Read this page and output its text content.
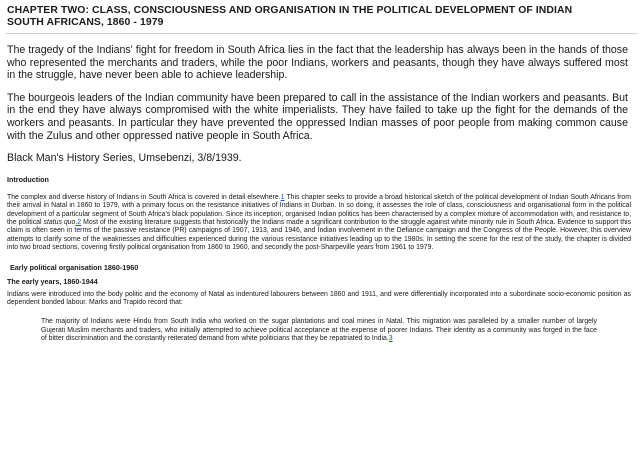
CHAPTER TWO: CLASS, CONSCIOUSNESS AND ORGANISATION IN THE POLITICAL DEVELOPMENT OF INDIAN SOUTH AFRICANS, 1860 - 1979

The tragedy of the Indians' fight for freedom in South Africa lies in the fact that the leadership has always been in the hands of those who represented the merchants and traders, while the poor Indians, workers and peasants, though they have always suffered most in the struggle, have never been able to achieve leadership.

The bourgeois leaders of the Indian community have been prepared to call in the assistance of the Indian workers and peasants. But in the end they have always compromised with the white imperialists. They have failed to take up the fight for the demands of the workers and peasants. In particular they have prevented the oppressed Indian masses of poor people from making common cause with the Zulus and other oppressed native people in South Africa.

Black Man's History Series, Umsebenzi, 3/8/1939.

Introduction

The complex and diverse history of Indians in South Africa is covered in detail elsewhere.1 This chapter seeks to provide a broad historical sketch of the political development of Indian South Africans from their arrival in Natal in 1860 to 1979, with a primary focus on the resistance initiatives of Indians in Durban. In so doing, it assesses the role of class, consciousness and organisational form in the political development of a particular segment of South Africa's black population. Since its inception, organised Indian politics has been characterised by a complex mixture of accommodation with, and resistance to, the political status quo.2 Most of the existing literature suggests that historically the Indians made a significant contribution to the struggle against white minority rule in South Africa. Evidence to support this claim is often seen in terms of the passive resistance (PR) campaigns of 1907, 1913, and 1946, and Indian involvement in the Defiance campaign and the Congress of the People. However, this overview attempts to clarify some of the weaknesses and difficulties experienced during the various resistance initiatives leading up to the 1980s. In setting the scene for the rest of the study, the chapter is divided into two broad sections, covering firstly political organisation from 1860 to 1960, and secondly the post-Sharpeville years from 1961 to 1979.

Early political organisation 1860-1960
The early years, 1860-1944

Indians were introduced into the body politic and the economy of Natal as indentured labourers between 1860 and 1911, and were differentially incorporated into a subordinate socio-economic position as dependent bonded labour. Marks and Trapido record that:

The majority of Indians were Hindu from South India who worked on the sugar plantations and coal mines in Natal. This migration was paralleled by a smaller number of largely Gujerati Muslim merchants and traders, who initially attempted to achieve political acceptance at the expense of poorer Indians. Their identity as a community was forged in the face of bitter discrimination and the constantly reiterated demand from white politicians that they be repatriated to India.3
